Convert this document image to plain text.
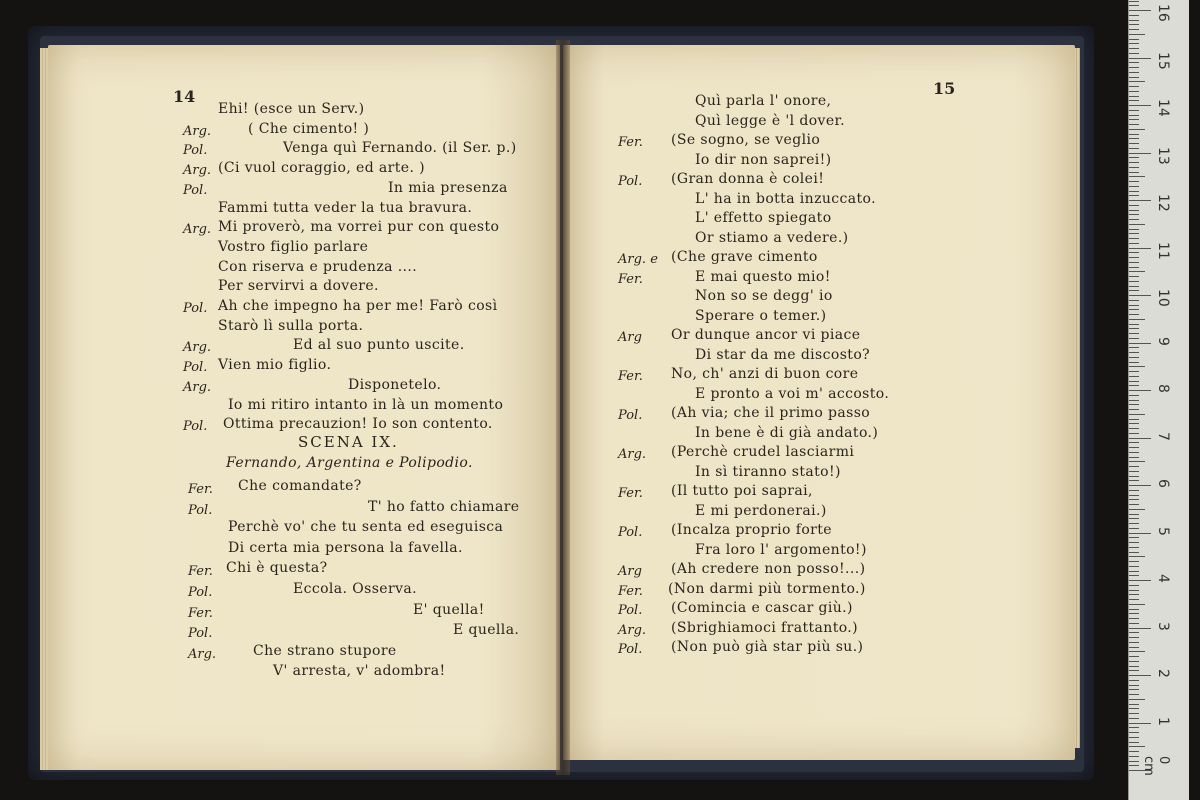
14
Ehi! (esce un Serv.)
Arg.	( Che cimento! )
Pol.	Venga quì Fernando. (il Ser. p.)
Arg. (Ci vuol coraggio, ed arte. )
Pol.	In mia presenza
Fammi tutta veder la tua bravura.
Arg. Mi proverò, ma vorrei pur con questo
Vostro figlio parlare
Con riserva e prudenza ....
Per servirvi a dovere.
Pol. Ah che impegno ha per me! Farò così
Starò lì sulla porta.
Arg.	Ed al suo punto uscite.
Pol. Vien mio figlio.
Arg.	Disponetelo.
Io mi ritiro intanto in là un momento
Pol. Ottima precauzion! Io son contento.
SCENA IX.
Fernando, Argentina e Polipodio.
Fer. Che comandate?
Pol.	T' ho fatto chiamare
Perchè vo' che tu senta ed eseguisca
Di certa mia persona la favella.
Fer. Chi è questa?
Pol.	Eccola. Osserva.
Fer.	E' quella!
Pol.	E quella.
Arg.	Che strano stupore
V' arresta, v' adombra!
15
Quì parla l' onore,
Quì legge è 'l dover.
Fer. (Se sogno, se veglio
Io dir non saprei!)
Pol. (Gran donna è colei!
L' ha in botta inzuccato.
L' effetto spiegato
Or stiamo a vedere.)
Arg. e (Che grave cimento
Fer.	E mai questo mio!
Non so se degg' io
Sperare o temer.)
Arg Or dunque ancor vi piace
Di star da me discosto?
Fer. No, ch' anzi di buon core
E pronto a voi m' accosto.
Pol. (Ah via; che il primo passo
In bene è di già andato.)
Arg. (Perchè crudel lasciarmi
In sì tiranno stato!)
Fer. (Il tutto poi saprai,
E mi perdonerai.)
Pol. (Incalza proprio forte
Fra loro l' argomento!)
Arg (Ah credere non posso!...)
Fer. (Non darmi più tormento.)
Pol. (Comincia e cascar giù.)
Arg. (Sbrighiamoci frattanto.)
Pol. (Non può già star più su.)
0 cm
1
2
3
4
5
6
7
8
9
10
11
12
13
14
15
16
